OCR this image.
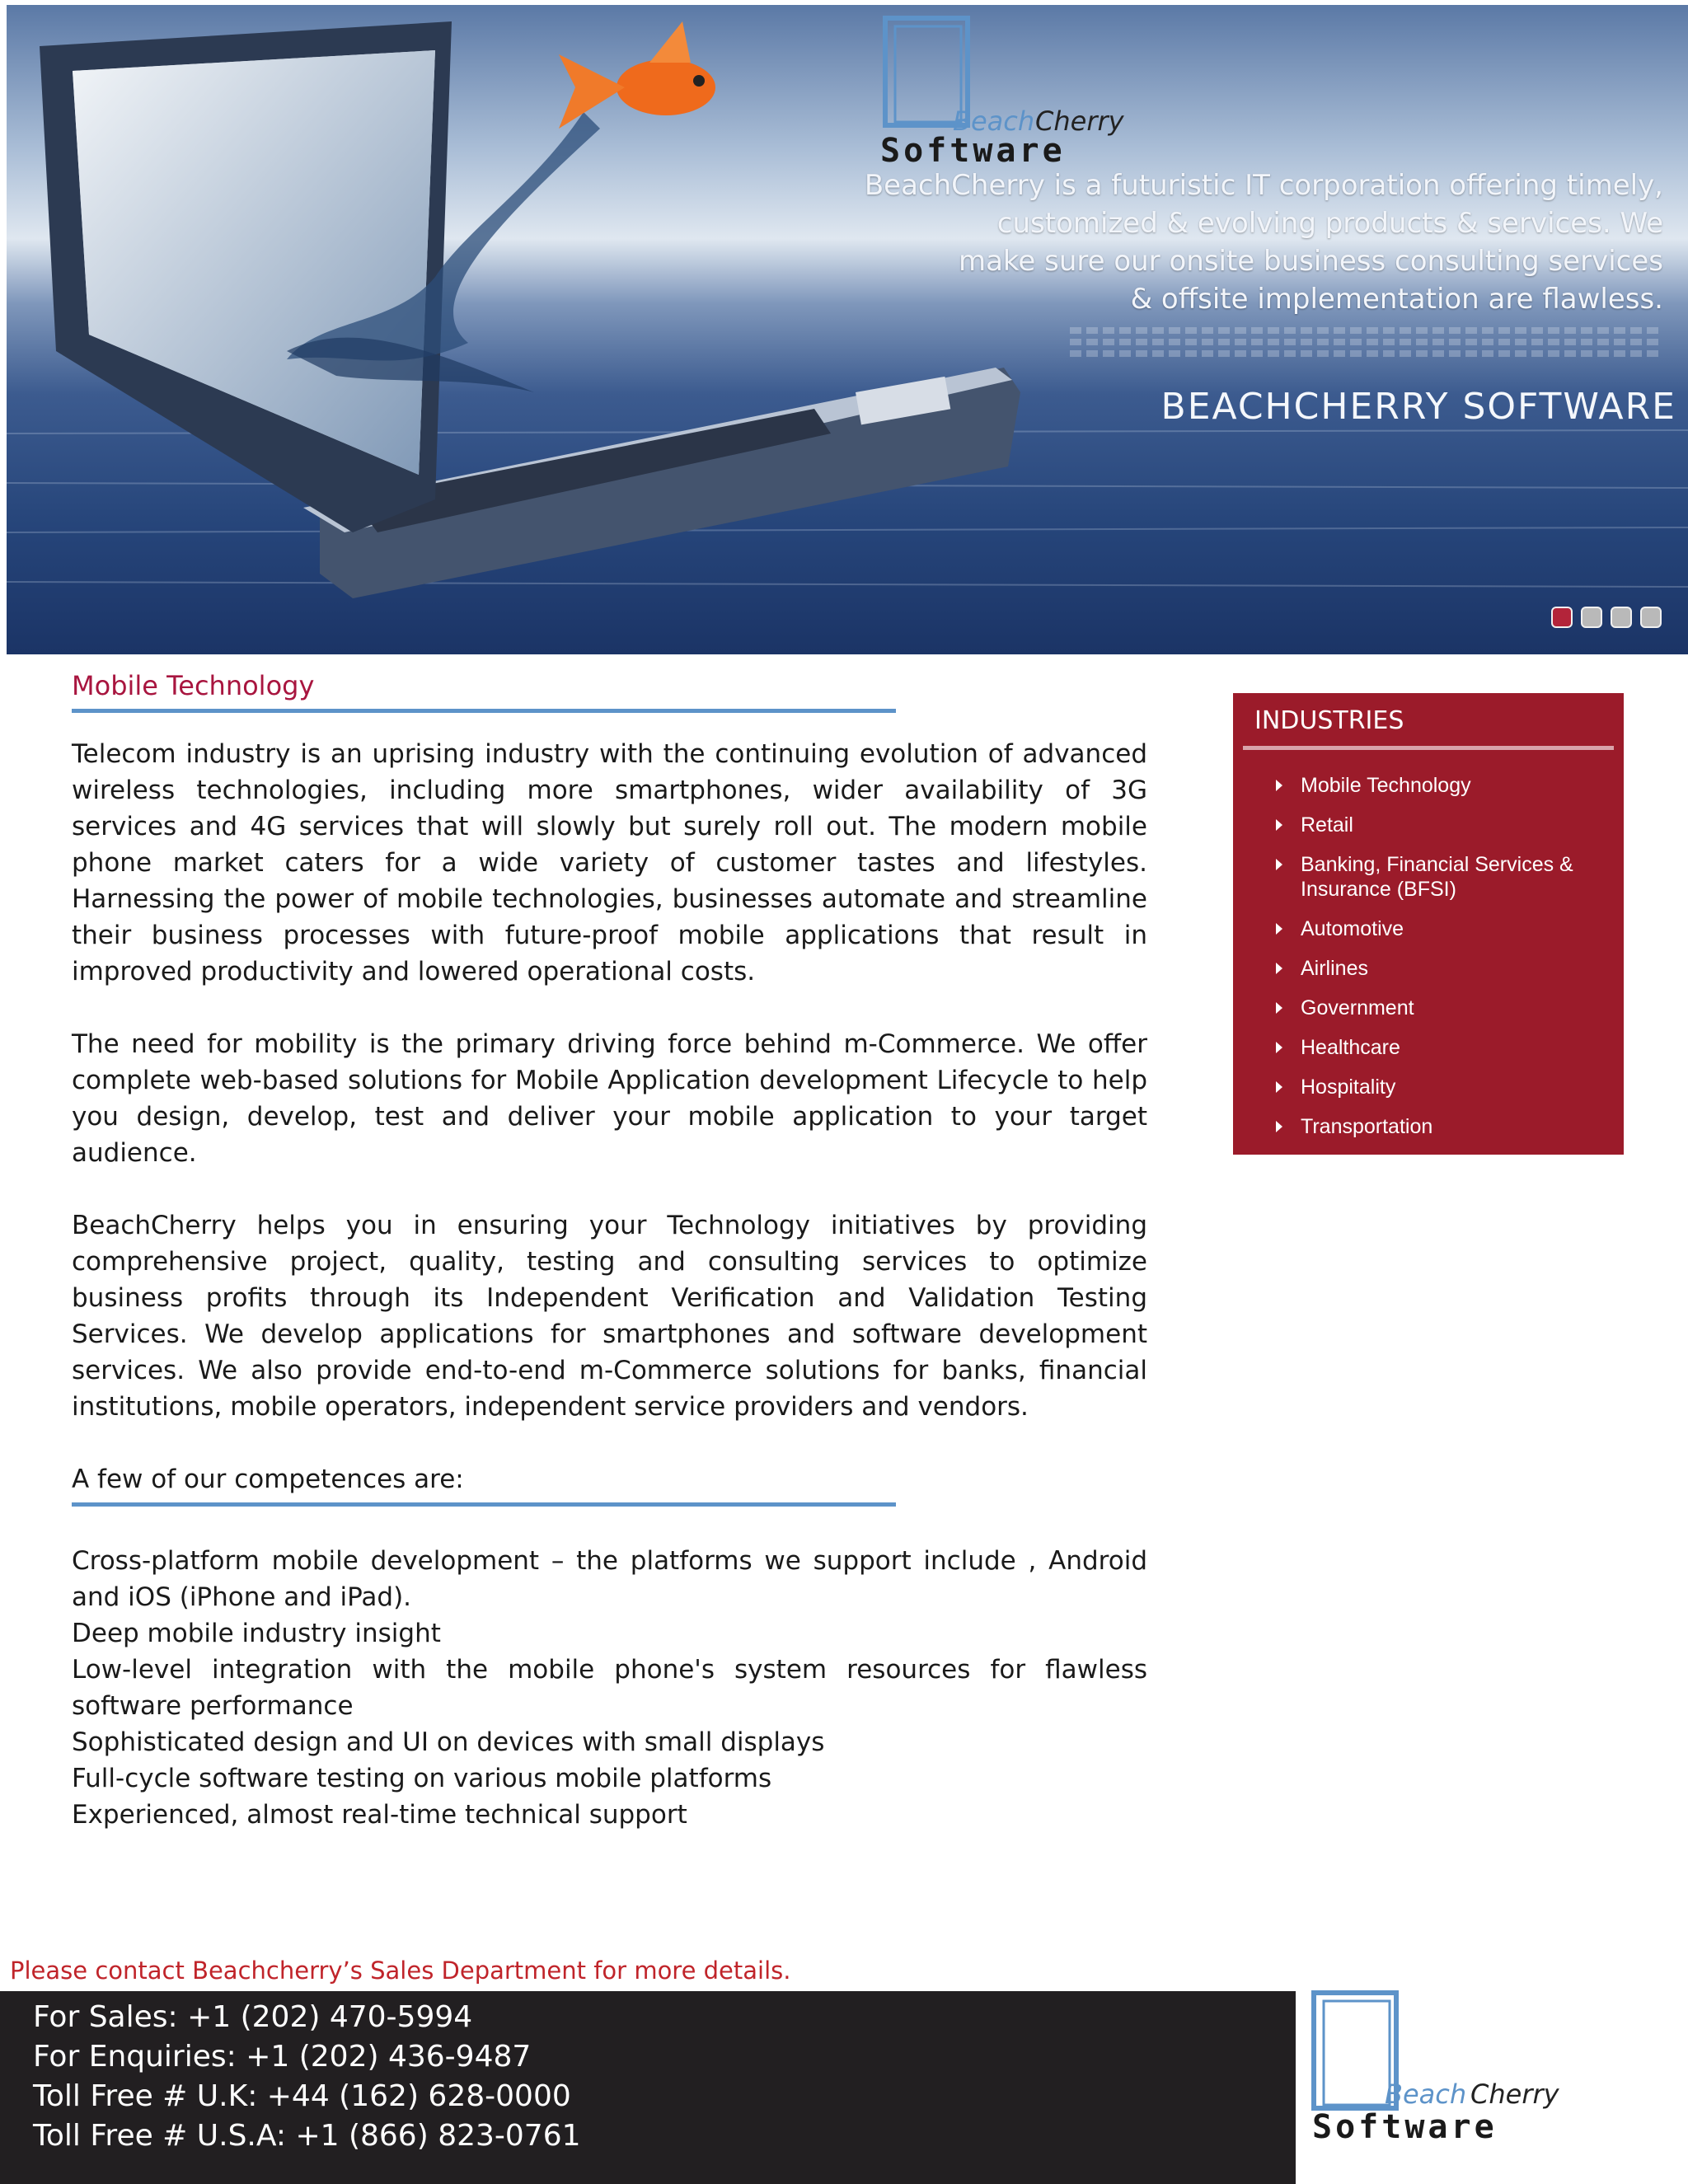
Beach Cherry
Software
BeachCherry is a futuristic IT corporation offering timely,
customized & evolving products & services. We
make sure our onsite business consulting services
& offsite implementation are flawless.
BEACHCHERRY SOFTWARE
Mobile Technology

Telecom industry is an uprising industry with the continuing evolution of advanced wireless technologies, including more smartphones, wider availability of 3G services and 4G services that will slowly but surely roll out. The modern mobile phone market caters for a wide variety of customer tastes and lifestyles. Harnessing the power of mobile technologies, businesses automate and streamline their business processes with future-proof mobile applications that result in improved productivity and lowered operational costs.

The need for mobility is the primary driving force behind m-Commerce. We offer complete web-based solutions for Mobile Application development Lifecycle to help you design, develop, test and deliver your mobile application to your target audience.

BeachCherry helps you in ensuring your Technology initiatives by providing comprehensive project, quality, testing and consulting services to optimize business profits through its Independent Verification and Validation Testing Services. We develop applications for smartphones and software development services. We also provide end-to-end m-Commerce solutions for banks, financial institutions, mobile operators, independent service providers and vendors.

A few of our competences are:

Cross-platform mobile development – the platforms we support include , Android and iOS (iPhone and iPad).
Deep mobile industry insight
Low-level integration with the mobile phone's system resources for flawless software performance
Sophisticated design and UI on devices with small displays
Full-cycle software testing on various mobile platforms
Experienced, almost real-time technical support
INDUSTRIES
Mobile Technology
Retail
Banking, Financial Services & Insurance (BFSI)
Automotive
Airlines
Government
Healthcare
Hospitality
Transportation
Please contact Beachcherry’s Sales Department for more details.
For Sales: +1 (202) 470-5994
For Enquiries: +1 (202) 436-9487
Toll Free # U.K: +44 (162) 628-0000
Toll Free # U.S.A: +1 (866) 823-0761
Beach Cherry
Software
